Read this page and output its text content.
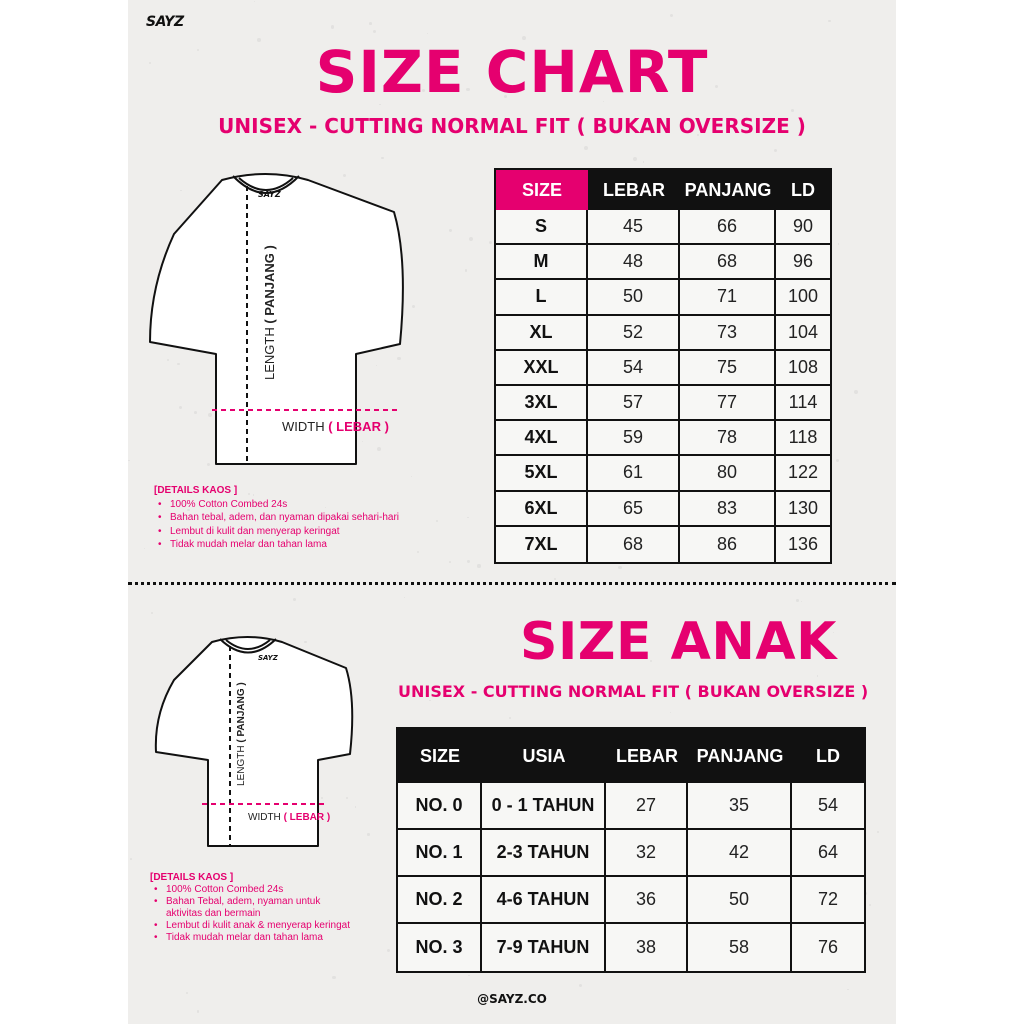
SAYZ
SIZE CHART
UNISEX - CUTTING NORMAL FIT ( BUKAN OVERSIZE )
SAYZ
LENGTH ( PANJANG )
WIDTH ( LEBAR )
[DETAILS KAOS ]
• 100% Cotton Combed 24s
• Bahan tebal, adem, dan nyaman dipakai sehari-hari
• Lembut di kulit dan menyerap keringat
• Tidak mudah melar dan tahan lama
SIZE	LEBAR	PANJANG	LD
S	45	66	90
M	48	68	96
L	50	71	100
XL	52	73	104
XXL	54	75	108
3XL	57	77	114
4XL	59	78	118
5XL	61	80	122
6XL	65	83	130
7XL	68	86	136
SIZE ANAK
UNISEX - CUTTING NORMAL FIT ( BUKAN OVERSIZE )
SAYZ
LENGTH ( PANJANG )
WIDTH ( LEBAR )
[DETAILS KAOS ]
• 100% Cotton Combed 24s
• Bahan Tebal, adem, nyaman untuk aktivitas dan bermain
• Lembut di kulit anak & menyerap keringat
• Tidak mudah melar dan tahan lama
SIZE	USIA	LEBAR	PANJANG	LD
NO. 0	0 - 1 TAHUN	27	35	54
NO. 1	2-3 TAHUN	32	42	64
NO. 2	4-6 TAHUN	36	50	72
NO. 3	7-9 TAHUN	38	58	76
@SAYZ.CO
